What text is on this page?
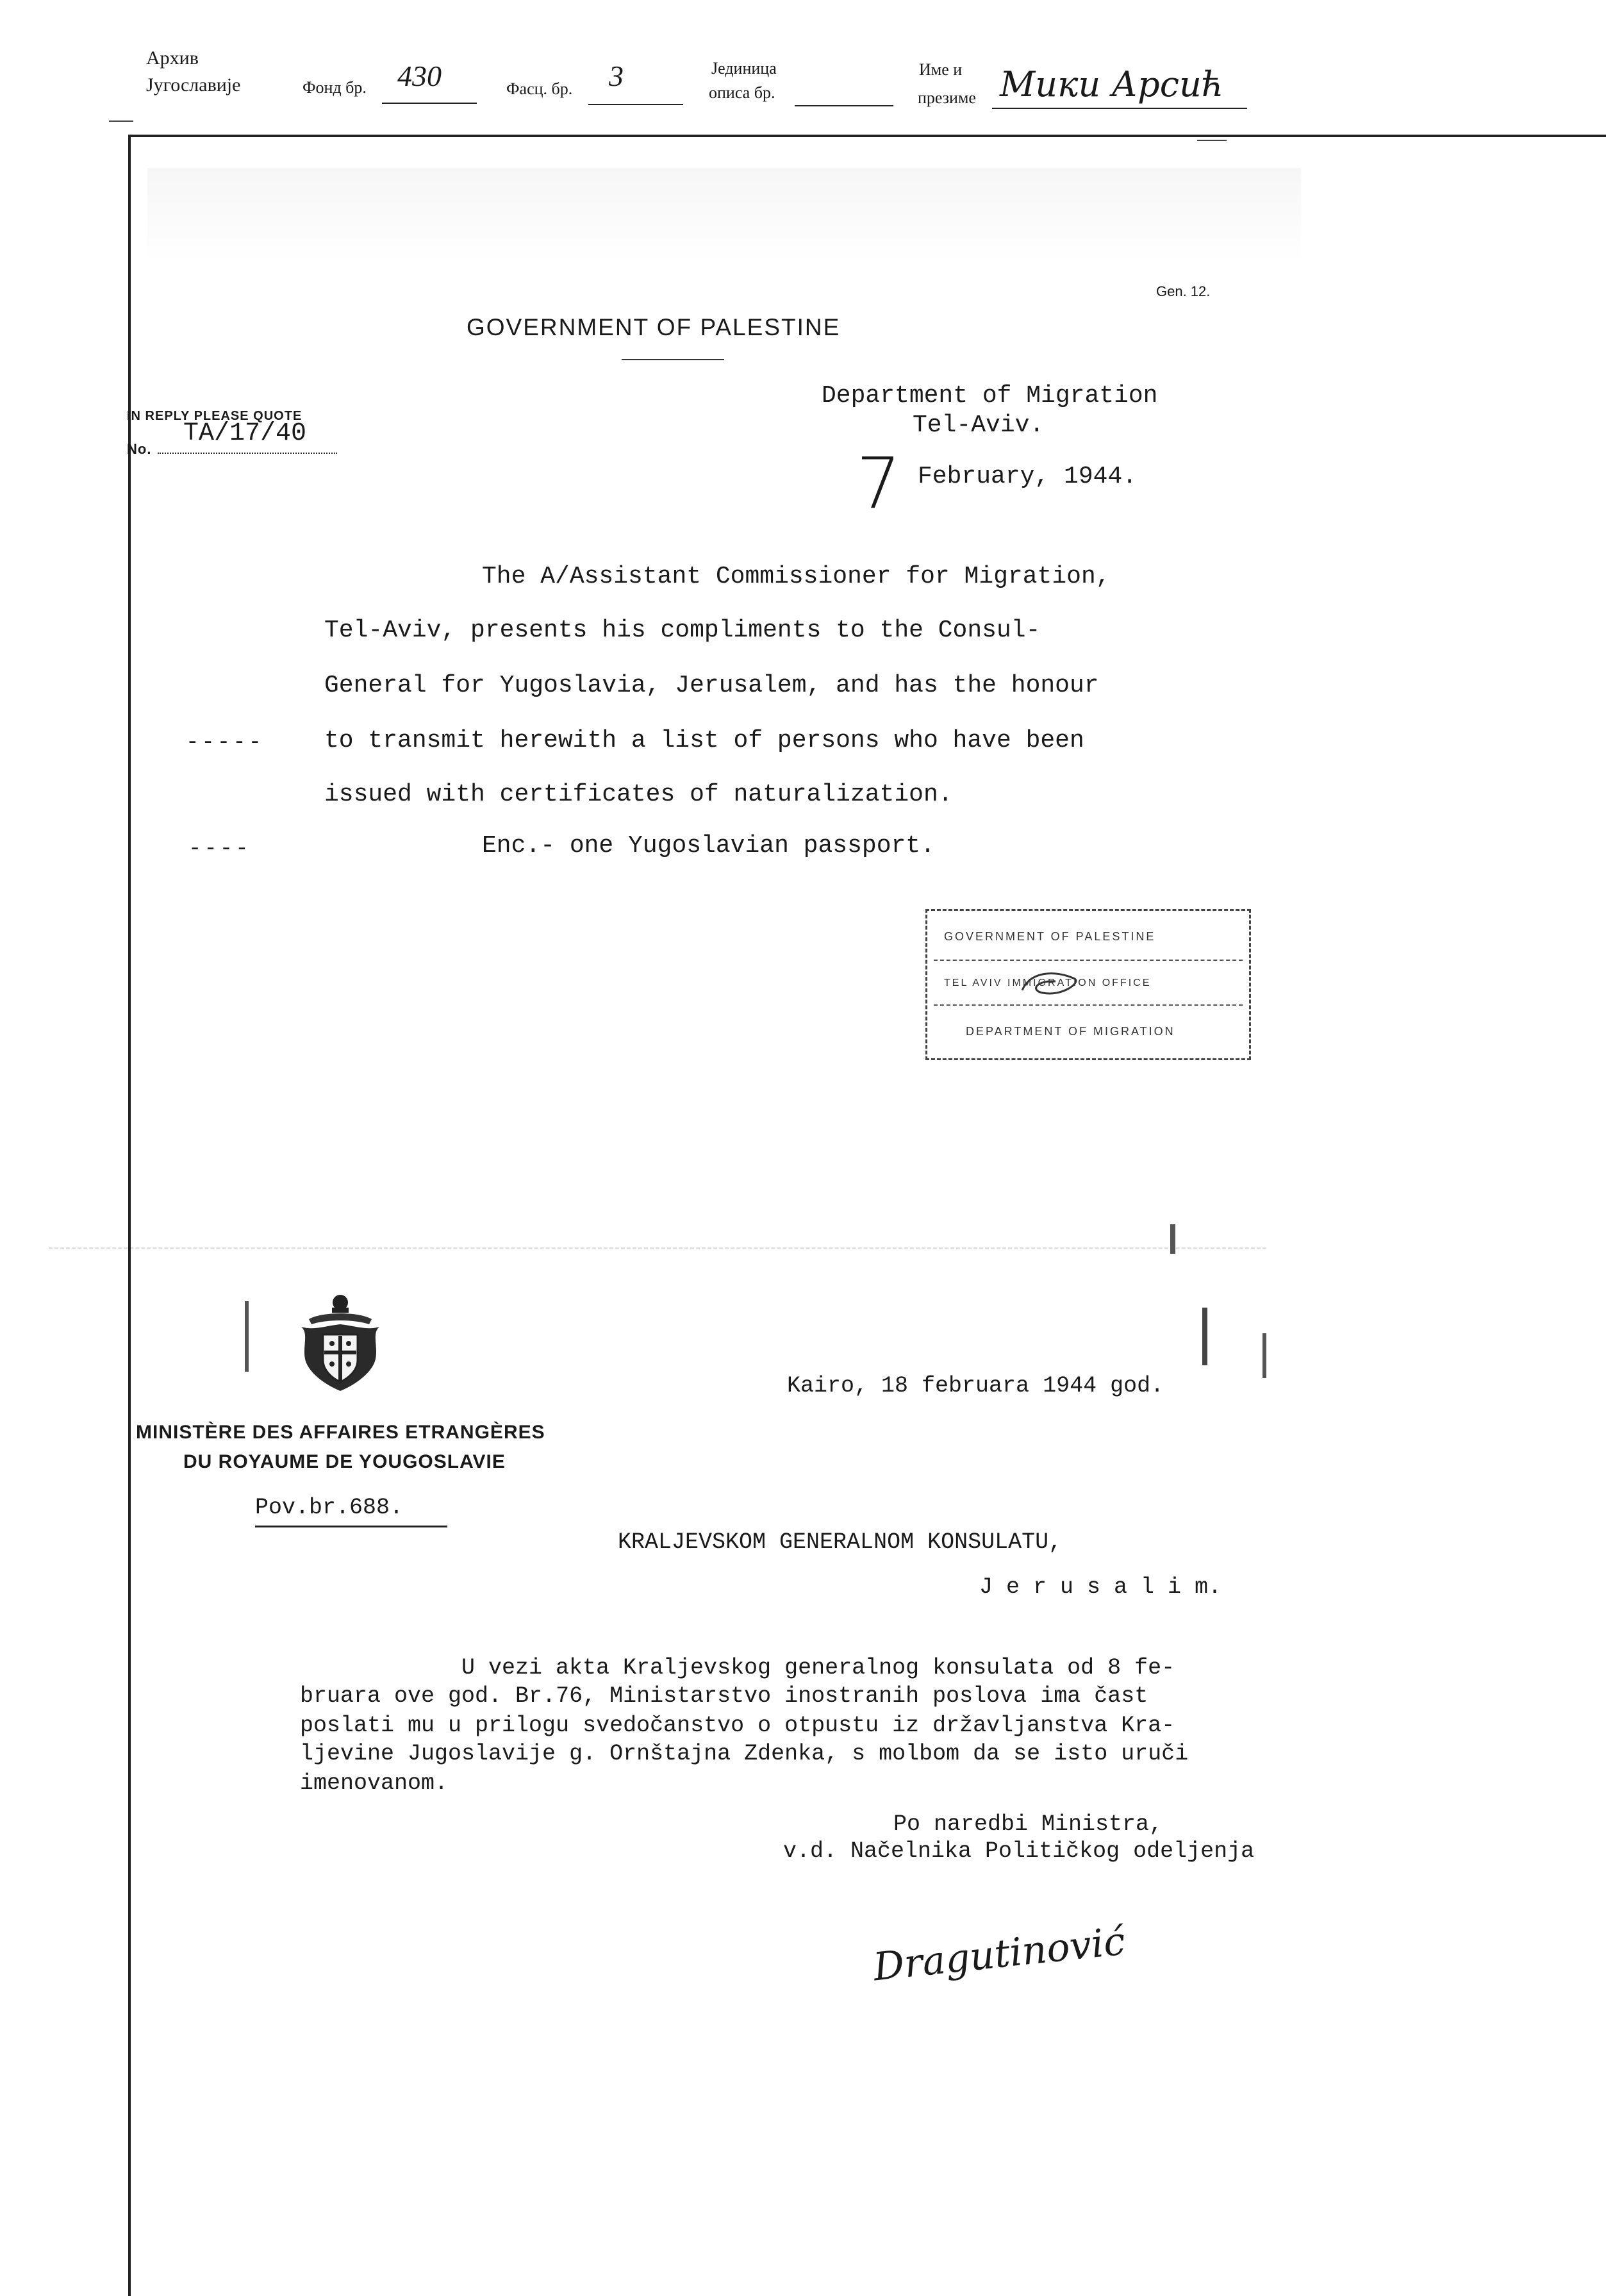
Архив
Југославије	Фонд бр. 430	Фасц. бр. 3	Јединица
описа бр.
Име и
презиме Мики Арсић
Gen. 12.
GOVERNMENT OF PALESTINE
IN REPLY PLEASE QUOTE
No.
TA/17/40
Department of Migration
Tel-Aviv.
7 February, 1944.
The A/Assistant Commissioner for Migration,
Tel-Aviv, presents his compliments to the Consul-
General for Yugoslavia, Jerusalem, and has the honour
to transmit herewith a list of persons who have been
issued with certificates of naturalization.
Enc.- one Yugoslavian passport.
-----
----
GOVERNMENT OF PALESTINE
TEL AVIV IMMIGRATION OFFICE
DEPARTMENT OF MIGRATION
MINISTÈRE DES AFFAIRES ETRANGÈRES
DU ROYAUME DE YOUGOSLAVIE
Pov.br.688.
Kairo, 18 februara 1944 god.
KRALJEVSKOM GENERALNOM KONSULATU,
J e r u s a l i m.
U vezi akta Kraljevskog generalnog konsulata od 8 fe-
bruara ove god. Br.76, Ministarstvo inostranih poslova ima čast
poslati mu u prilogu svedočanstvo o otpustu iz državljanstva Kra-
ljevine Jugoslavije g. Ornštajna Zdenka, s molbom da se isto uruči
imenovanom.
Po naredbi Ministra,
v.d. Načelnika Političkog odeljenja
Dragutinović
